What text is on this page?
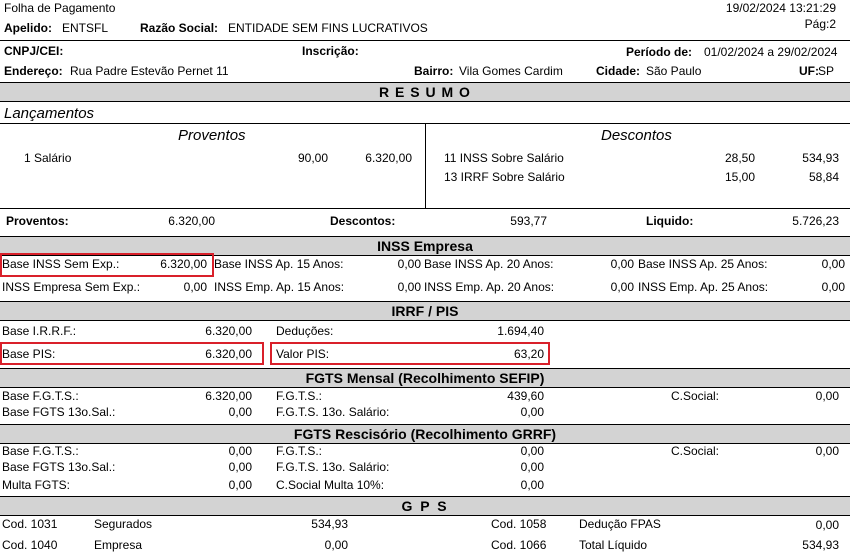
Folha de Pagamento	19/02/2024 13:21:29
Pág:2
Apelido: ENTSFL	Razão Social: ENTIDADE SEM FINS LUCRATIVOS
CNPJ/CEI:	Inscrição:	Período de: 01/02/2024 a 29/02/2024
Endereço: Rua Padre Estevão Pernet 11	Bairro: Vila Gomes Cardim	Cidade: São Paulo	UF: SP
R E S U M O
Lançamentos
Proventos	Descontos
1 Salário	90,00	6.320,00	11 INSS Sobre Salário	28,50	534,93
13 IRRF Sobre Salário	15,00	58,84
Proventos:	6.320,00	Descontos:	593,77	Liquido:	5.726,23
INSS Empresa
Base INSS Sem Exp.:	6.320,00 Base INSS Ap. 15 Anos:	0,00 Base INSS Ap. 20 Anos:	0,00 Base INSS Ap. 25 Anos:	0,00
INSS Empresa Sem Exp.:	0,00 INSS Emp. Ap. 15 Anos:	0,00 INSS Emp. Ap. 20 Anos:	0,00 INSS Emp. Ap. 25 Anos:	0,00
IRRF / PIS
Base I.R.R.F.:	6.320,00 Deduções:	1.694,40
Base PIS:	6.320,00 Valor PIS:	63,20
FGTS Mensal (Recolhimento SEFIP)
Base F.G.T.S.:	6.320,00 F.G.T.S.:	439,60	C.Social:	0,00
Base FGTS 13o.Sal.:	0,00 F.G.T.S. 13o. Salário:	0,00
FGTS Rescisório (Recolhimento GRRF)
Base F.G.T.S.:	0,00 F.G.T.S.:	0,00	C.Social:	0,00
Base FGTS 13o.Sal.:	0,00 F.G.T.S. 13o. Salário:	0,00
Multa FGTS:	0,00 C.Social Multa 10%:	0,00
G P S
Cod. 1031	Segurados	534,93	Cod. 1058	Dedução FPAS	0,00
Cod. 1040	Empresa	0,00	Cod. 1066	Total Líquido	534,93
